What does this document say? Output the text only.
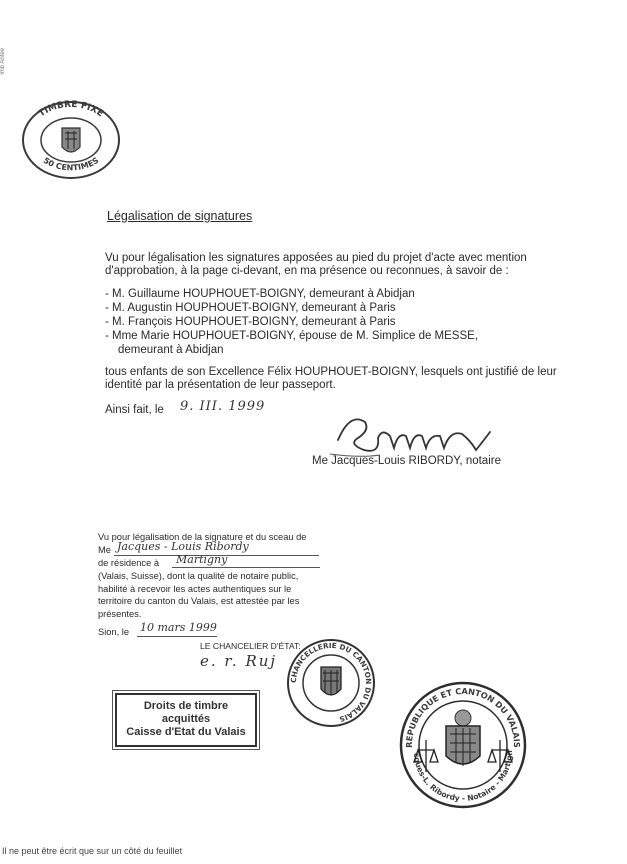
lmb Antee
TIMBRE FIXE
50 CENTIMES
Légalisation de signatures
Vu pour légalisation les signatures apposées au pied du projet d'acte avec mention
d'approbation, à la page ci-devant, en ma présence ou reconnues, à savoir de :
- M. Guillaume HOUPHOUET-BOIGNY, demeurant à Abidjan
- M. Augustin HOUPHOUET-BOIGNY, demeurant à Paris
- M. François HOUPHOUET-BOIGNY, demeurant à Paris
- Mme Marie HOUPHOUET-BOIGNY, épouse de M. Simplice de MESSE,
demeurant à Abidjan
tous enfants de son Excellence Félix HOUPHOUET-BOIGNY, lesquels ont justifié de leur
identité par la présentation de leur passeport.
Ainsi fait, le 9. III. 1999
Me Jacques-Louis RIBORDY, notaire
Vu pour légalisation de la signature et du sceau de
Me Jacques - Louis Ribordy
de résidence à Martigny
(Valais, Suisse), dont la qualité de notaire public,
habilité à recevoir les actes authentiques sur le
territoire du canton du Valais, est attestée par les
présentes.
Sion, le 10 mars 1999
LE CHANCELIER D'ÉTAT:
e. r. Ruj
CHANCELLERIE DU CANTON DU VALAIS
Droits de timbre
acquittés
Caisse d'Etat du Valais
REPUBLIQUE ET CANTON DU VALAIS
cques-L. Ribordy - Notaire - Martign
Il ne peut être écrit que sur un côté du feuillet
